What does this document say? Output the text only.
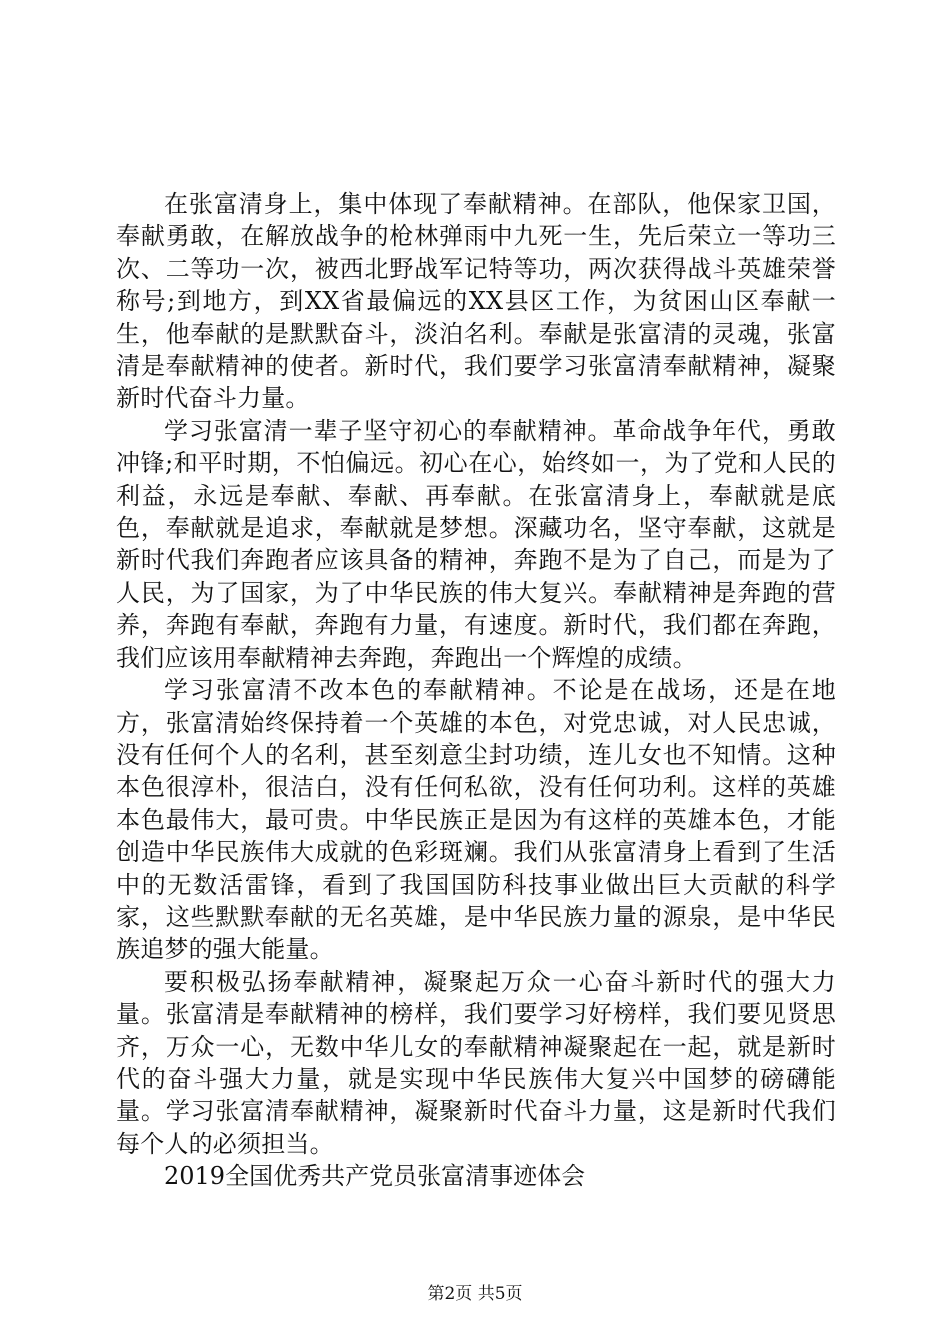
在张富清身上，集中体现了奉献精神。在部队，他保家卫国，奉献勇敢，在解放战争的枪林弹雨中九死一生，先后荣立一等功三次、二等功一次，被西北野战军记特等功，两次获得战斗英雄荣誉称号;到地方，到XX省最偏远的XX县区工作，为贫困山区奉献一生，他奉献的是默默奋斗，淡泊名利。奉献是张富清的灵魂，张富清是奉献精神的使者。新时代，我们要学习张富清奉献精神，凝聚新时代奋斗力量。

学习张富清一辈子坚守初心的奉献精神。革命战争年代，勇敢冲锋;和平时期，不怕偏远。初心在心，始终如一，为了党和人民的利益，永远是奉献、奉献、再奉献。在张富清身上，奉献就是底色，奉献就是追求，奉献就是梦想。深藏功名，坚守奉献，这就是新时代我们奔跑者应该具备的精神，奔跑不是为了自己，而是为了人民，为了国家，为了中华民族的伟大复兴。奉献精神是奔跑的营养，奔跑有奉献，奔跑有力量，有速度。新时代，我们都在奔跑，我们应该用奉献精神去奔跑，奔跑出一个辉煌的成绩。

学习张富清不改本色的奉献精神。不论是在战场，还是在地方，张富清始终保持着一个英雄的本色，对党忠诚，对人民忠诚，没有任何个人的名利，甚至刻意尘封功绩，连儿女也不知情。这种本色很淳朴，很洁白，没有任何私欲，没有任何功利。这样的英雄本色最伟大，最可贵。中华民族正是因为有这样的英雄本色，才能创造中华民族伟大成就的色彩斑斓。我们从张富清身上看到了生活中的无数活雷锋，看到了我国国防科技事业做出巨大贡献的科学家，这些默默奉献的无名英雄，是中华民族力量的源泉，是中华民族追梦的强大能量。

要积极弘扬奉献精神，凝聚起万众一心奋斗新时代的强大力量。张富清是奉献精神的榜样，我们要学习好榜样，我们要见贤思齐，万众一心，无数中华儿女的奉献精神凝聚起在一起，就是新时代的奋斗强大力量，就是实现中华民族伟大复兴中国梦的磅礴能量。学习张富清奉献精神，凝聚新时代奋斗力量，这是新时代我们每个人的必须担当。

2019全国优秀共产党员张富清事迹体会

第2页 共5页
